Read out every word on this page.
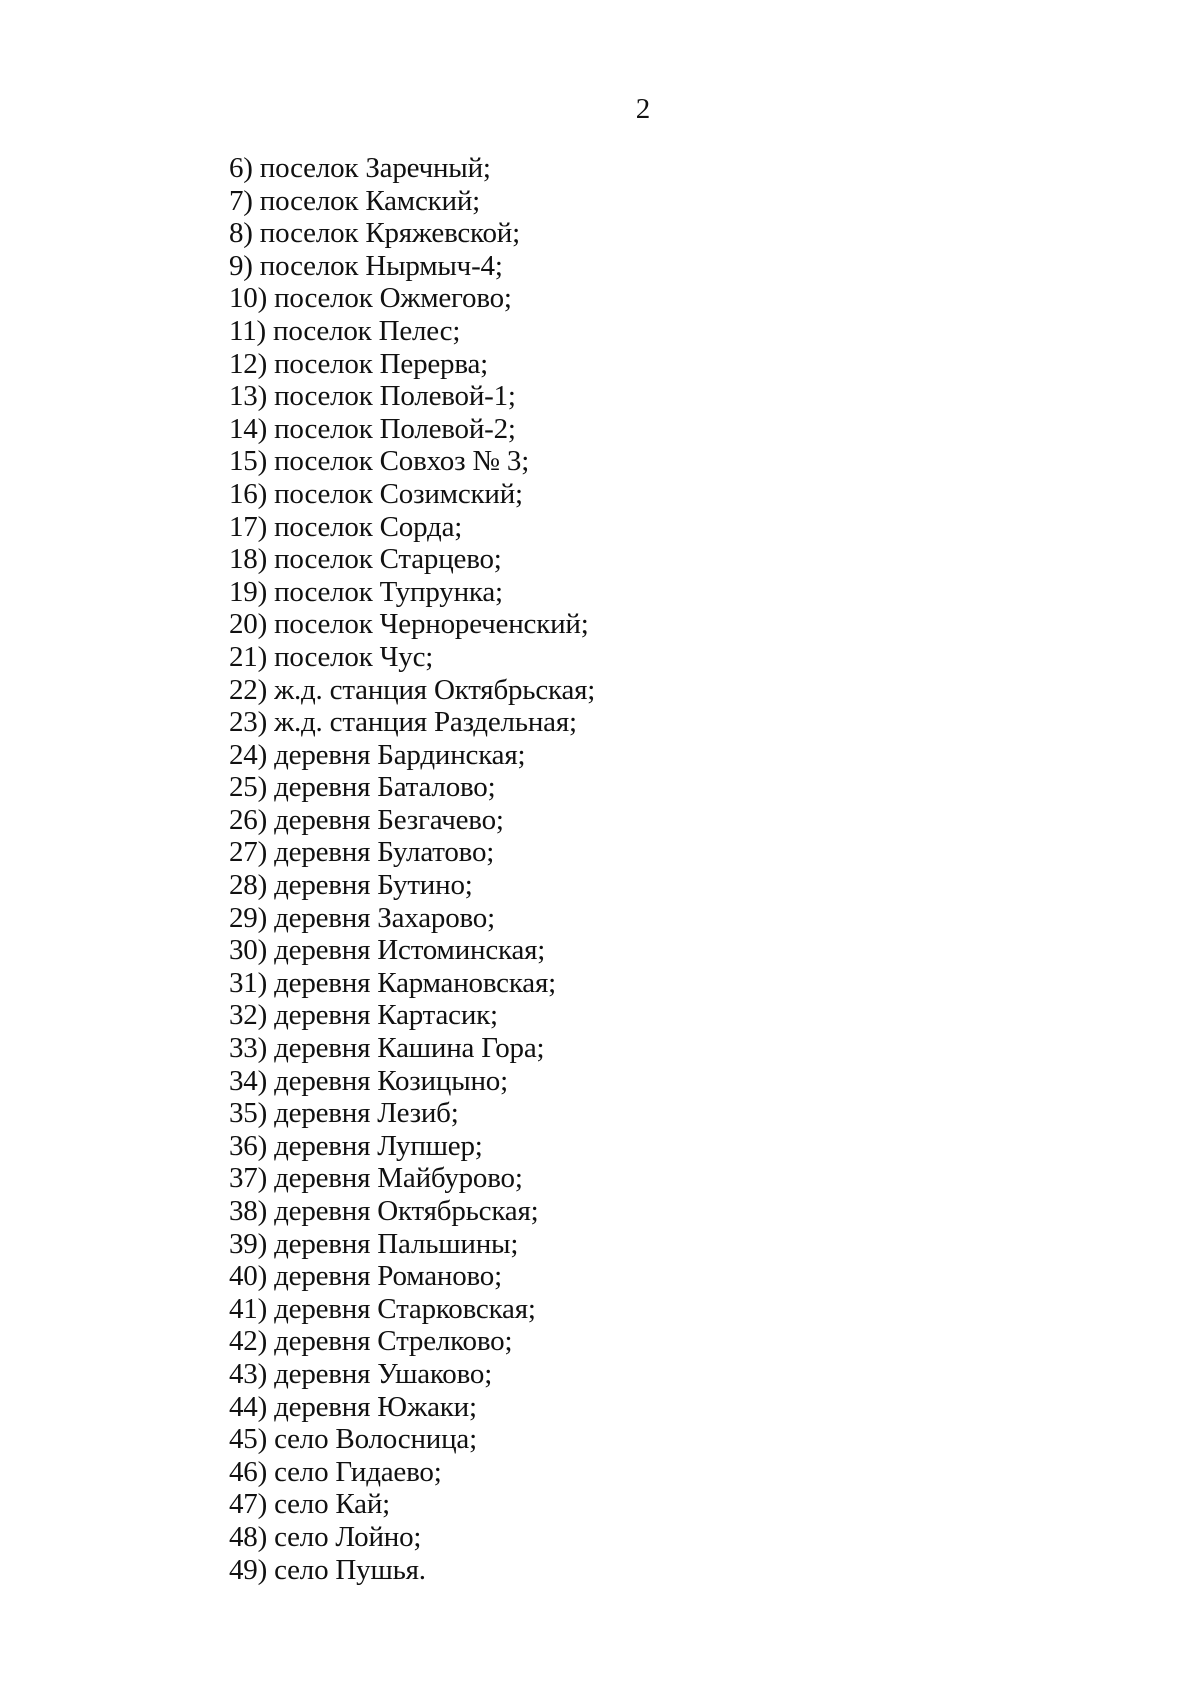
2
6) поселок Заречный;
7) поселок Камский;
8) поселок Кряжевской;
9) поселок Нырмыч-4;
10) поселок Ожмегово;
11) поселок Пелес;
12) поселок Перерва;
13) поселок Полевой-1;
14) поселок Полевой-2;
15) поселок Совхоз № 3;
16) поселок Созимский;
17) поселок Сорда;
18) поселок Старцево;
19) поселок Тупрунка;
20) поселок Чернореченский;
21) поселок Чус;
22) ж.д. станция Октябрьская;
23) ж.д. станция Раздельная;
24) деревня Бардинская;
25) деревня Баталово;
26) деревня Безгачево;
27) деревня Булатово;
28) деревня Бутино;
29) деревня Захарово;
30) деревня Истоминская;
31) деревня Кармановская;
32) деревня Картасик;
33) деревня Кашина Гора;
34) деревня Козицыно;
35) деревня Лезиб;
36) деревня Лупшер;
37) деревня Майбурово;
38) деревня Октябрьская;
39) деревня Пальшины;
40) деревня Романово;
41) деревня Старковская;
42) деревня Стрелково;
43) деревня Ушаково;
44) деревня Южаки;
45) село Волосница;
46) село Гидаево;
47) село Кай;
48) село Лойно;
49) село Пушья.
